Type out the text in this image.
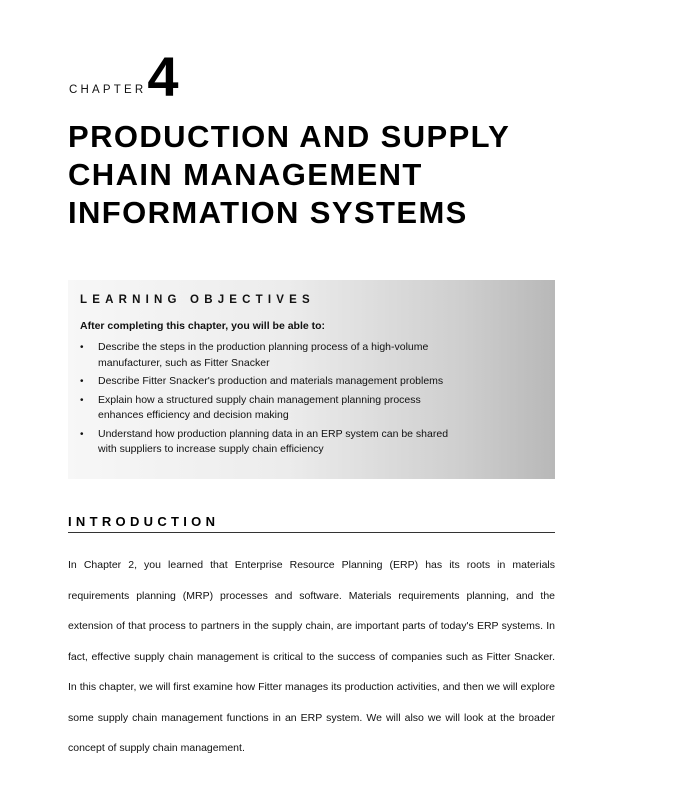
CHAPTER 4
PRODUCTION AND SUPPLY
CHAIN MANAGEMENT
INFORMATION SYSTEMS
LEARNING OBJECTIVES
After completing this chapter, you will be able to:
• Describe the steps in the production planning process of a high-volume manufacturer, such as Fitter Snacker
• Describe Fitter Snacker's production and materials management problems
• Explain how a structured supply chain management planning process enhances efficiency and decision making
• Understand how production planning data in an ERP system can be shared with suppliers to increase supply chain efficiency
INTRODUCTION

In Chapter 2, you learned that Enterprise Resource Planning (ERP) has its roots in materials requirements planning (MRP) processes and software. Materials requirements planning, and the extension of that process to partners in the supply chain, are important parts of today's ERP systems. In fact, effective supply chain management is critical to the success of companies such as Fitter Snacker. In this chapter, we will first examine how Fitter manages its production activities, and then we will explore some supply chain management functions in an ERP system. We will also we will look at the broader concept of supply chain management.
